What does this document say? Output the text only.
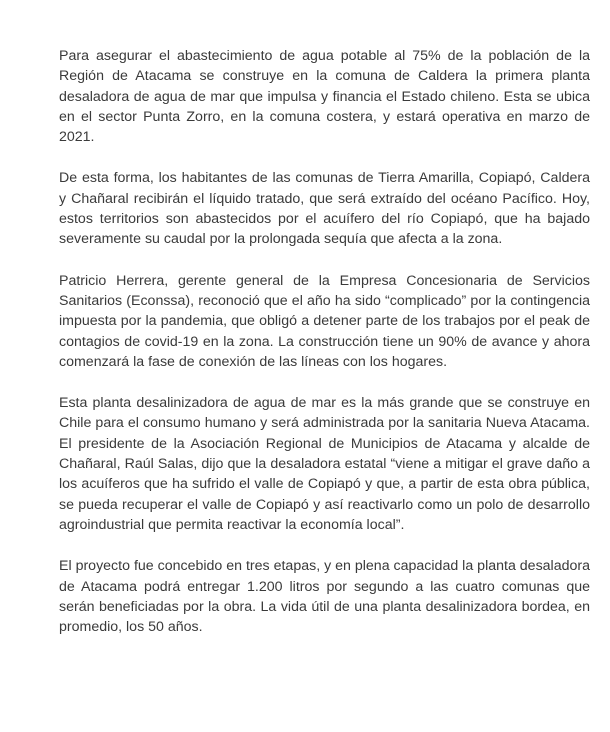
Para asegurar el abastecimiento de agua potable al 75% de la población de la Región de Atacama se construye en la comuna de Caldera la primera planta desaladora de agua de mar que impulsa y financia el Estado chileno. Esta se ubica en el sector Punta Zorro, en la comuna costera, y estará operativa en marzo de 2021.

De esta forma, los habitantes de las comunas de Tierra Amarilla, Copiapó, Caldera y Chañaral recibirán el líquido tratado, que será extraído del océano Pacífico. Hoy, estos territorios son abastecidos por el acuífero del río Copiapó, que ha bajado severamente su caudal por la prolongada sequía que afecta a la zona.

Patricio Herrera, gerente general de la Empresa Concesionaria de Servicios Sanitarios (Econssa), reconoció que el año ha sido “complicado” por la contingencia impuesta por la pandemia, que obligó a detener parte de los trabajos por el peak de contagios de covid-19 en la zona. La construcción tiene un 90% de avance y ahora comenzará la fase de conexión de las líneas con los hogares.

Esta planta desalinizadora de agua de mar es la más grande que se construye en Chile para el consumo humano y será administrada por la sanitaria Nueva Atacama. El presidente de la Asociación Regional de Municipios de Atacama y alcalde de Chañaral, Raúl Salas, dijo que la desaladora estatal “viene a mitigar el grave daño a los acuíferos que ha sufrido el valle de Copiapó y que, a partir de esta obra pública, se pueda recuperar el valle de Copiapó y así reactivarlo como un polo de desarrollo agroindustrial que permita reactivar la economía local”.

El proyecto fue concebido en tres etapas, y en plena capacidad la planta desaladora de Atacama podrá entregar 1.200 litros por segundo a las cuatro comunas que serán beneficiadas por la obra. La vida útil de una planta desalinizadora bordea, en promedio, los 50 años.
